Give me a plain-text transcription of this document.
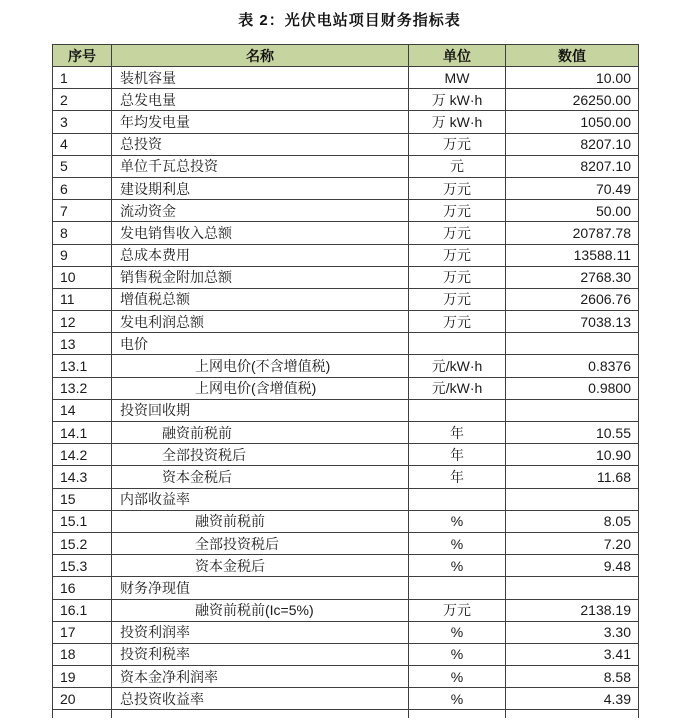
表 2：光伏电站项目财务指标表
序号	名称	单位	数值
1	装机容量	MW	10.00
2	总发电量	万 kW·h	26250.00
3	年均发电量	万 kW·h	1050.00
4	总投资	万元	8207.10
5	单位千瓦总投资	元	8207.10
6	建设期利息	万元	70.49
7	流动资金	万元	50.00
8	发电销售收入总额	万元	20787.78
9	总成本费用	万元	13588.11
10	销售税金附加总额	万元	2768.30
11	增值税总额	万元	2606.76
12	发电利润总额	万元	7038.13
13	电价		
13.1	上网电价(不含增值税)	元/kW·h	0.8376
13.2	上网电价(含增值税)	元/kW·h	0.9800
14	投资回收期		
14.1	融资前税前	年	10.55
14.2	全部投资税后	年	10.90
14.3	资本金税后	年	11.68
15	内部收益率		
15.1	融资前税前	%	8.05
15.2	全部投资税后	%	7.20
15.3	资本金税后	%	9.48
16	财务净现值		
16.1	融资前税前(Ic=5%)	万元	2138.19
17	投资利润率	%	3.30
18	投资利税率	%	3.41
19	资本金净利润率	%	8.58
20	总投资收益率	%	4.39
